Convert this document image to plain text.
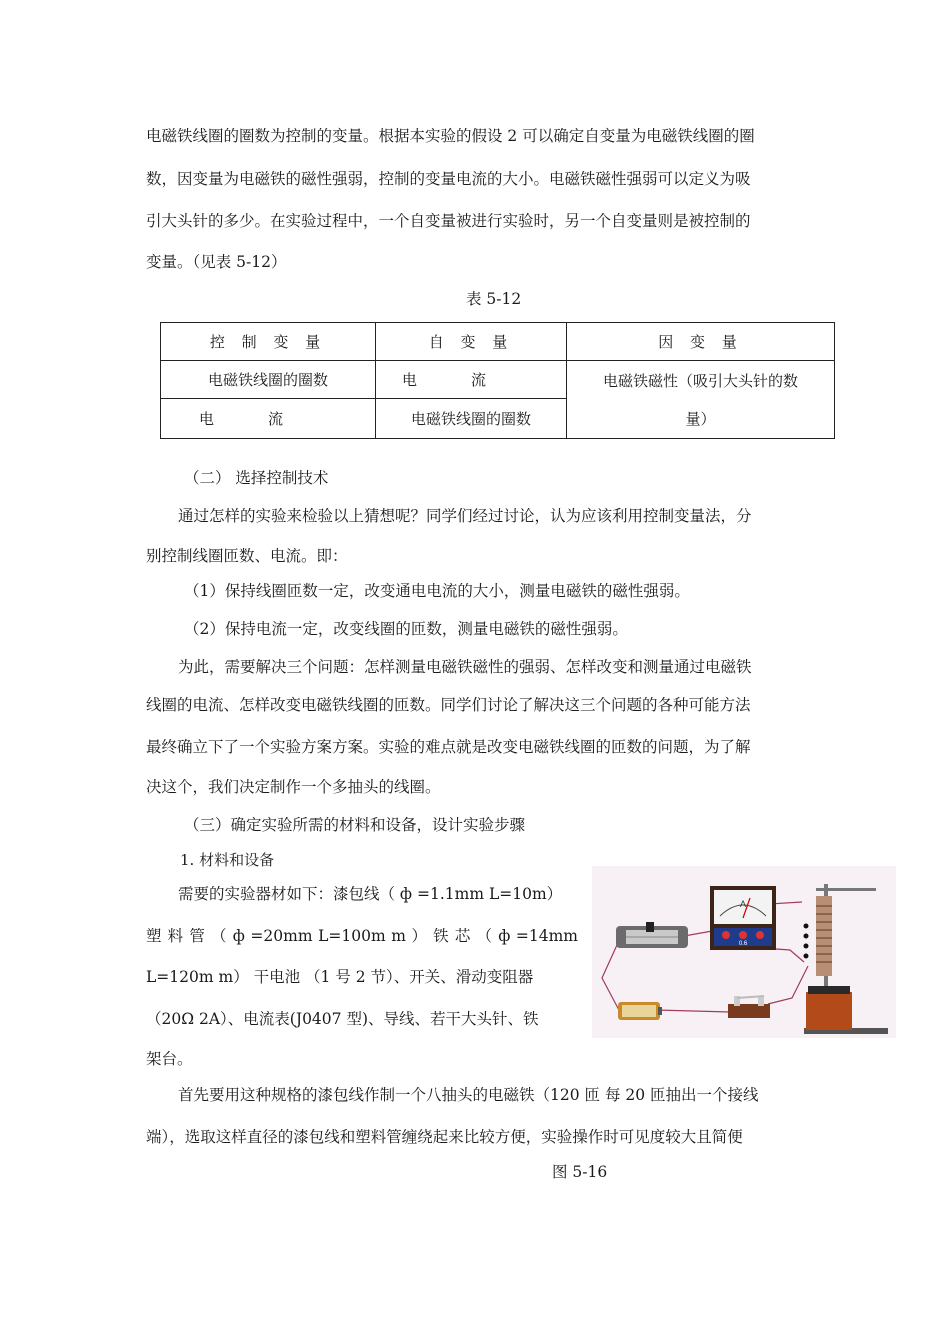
电磁铁线圈的圈数为控制的变量。根据本实验的假设 2 可以确定自变量为电磁铁线圈的圈
数，因变量为电磁铁的磁性强弱，控制的变量电流的大小。电磁铁磁性强弱可以定义为吸
引大头针的多少。在实验过程中，一个自变量被进行实验时，另一个自变量则是被控制的
变量。（见表 5-12）
表 5-12
控 制 变 量	自 变 量	因 变 量
电磁铁线圈的圈数	电流	电磁铁磁性（吸引大头针的数
量）

电流	电磁铁线圈的圈数	
（二） 选择控制技术
通过怎样的实验来检验以上猜想呢？同学们经过讨论，认为应该利用控制变量法，分
别控制线圈匝数、电流。即：
（1）保持线圈匝数一定，改变通电电流的大小，测量电磁铁的磁性强弱。
（2）保持电流一定，改变线圈的匝数，测量电磁铁的磁性强弱。
为此，需要解决三个问题：怎样测量电磁铁磁性的强弱、怎样改变和测量通过电磁铁
线圈的电流、怎样改变电磁铁线圈的匝数。同学们讨论了解决这三个问题的各种可能方法
最终确立下了一个实验方案方案。实验的难点就是改变电磁铁线圈的匝数的问题，为了解
决这个，我们决定制作一个多抽头的线圈。
（三）确定实验所需的材料和设备，设计实验步骤
1. 材料和设备
需要的实验器材如下：漆包线（ ф =1.1mm L=10m）
塑 料 管 （ ф =20mm L=100m m ） 铁 芯 （ ф =14mm
L=120m m） 干电池 （1 号 2 节）、开关、滑动变阻器
（20Ω 2A）、电流表(J0407 型)、导线、若干大头针、铁
架台。
首先要用这种规格的漆包线作制一个八抽头的电磁铁（120 匝 每 20 匝抽出一个接线
端），选取这样直径的漆包线和塑料管缠绕起来比较方便，实验操作时可见度较大且简便
A
0.6
图 5-16
